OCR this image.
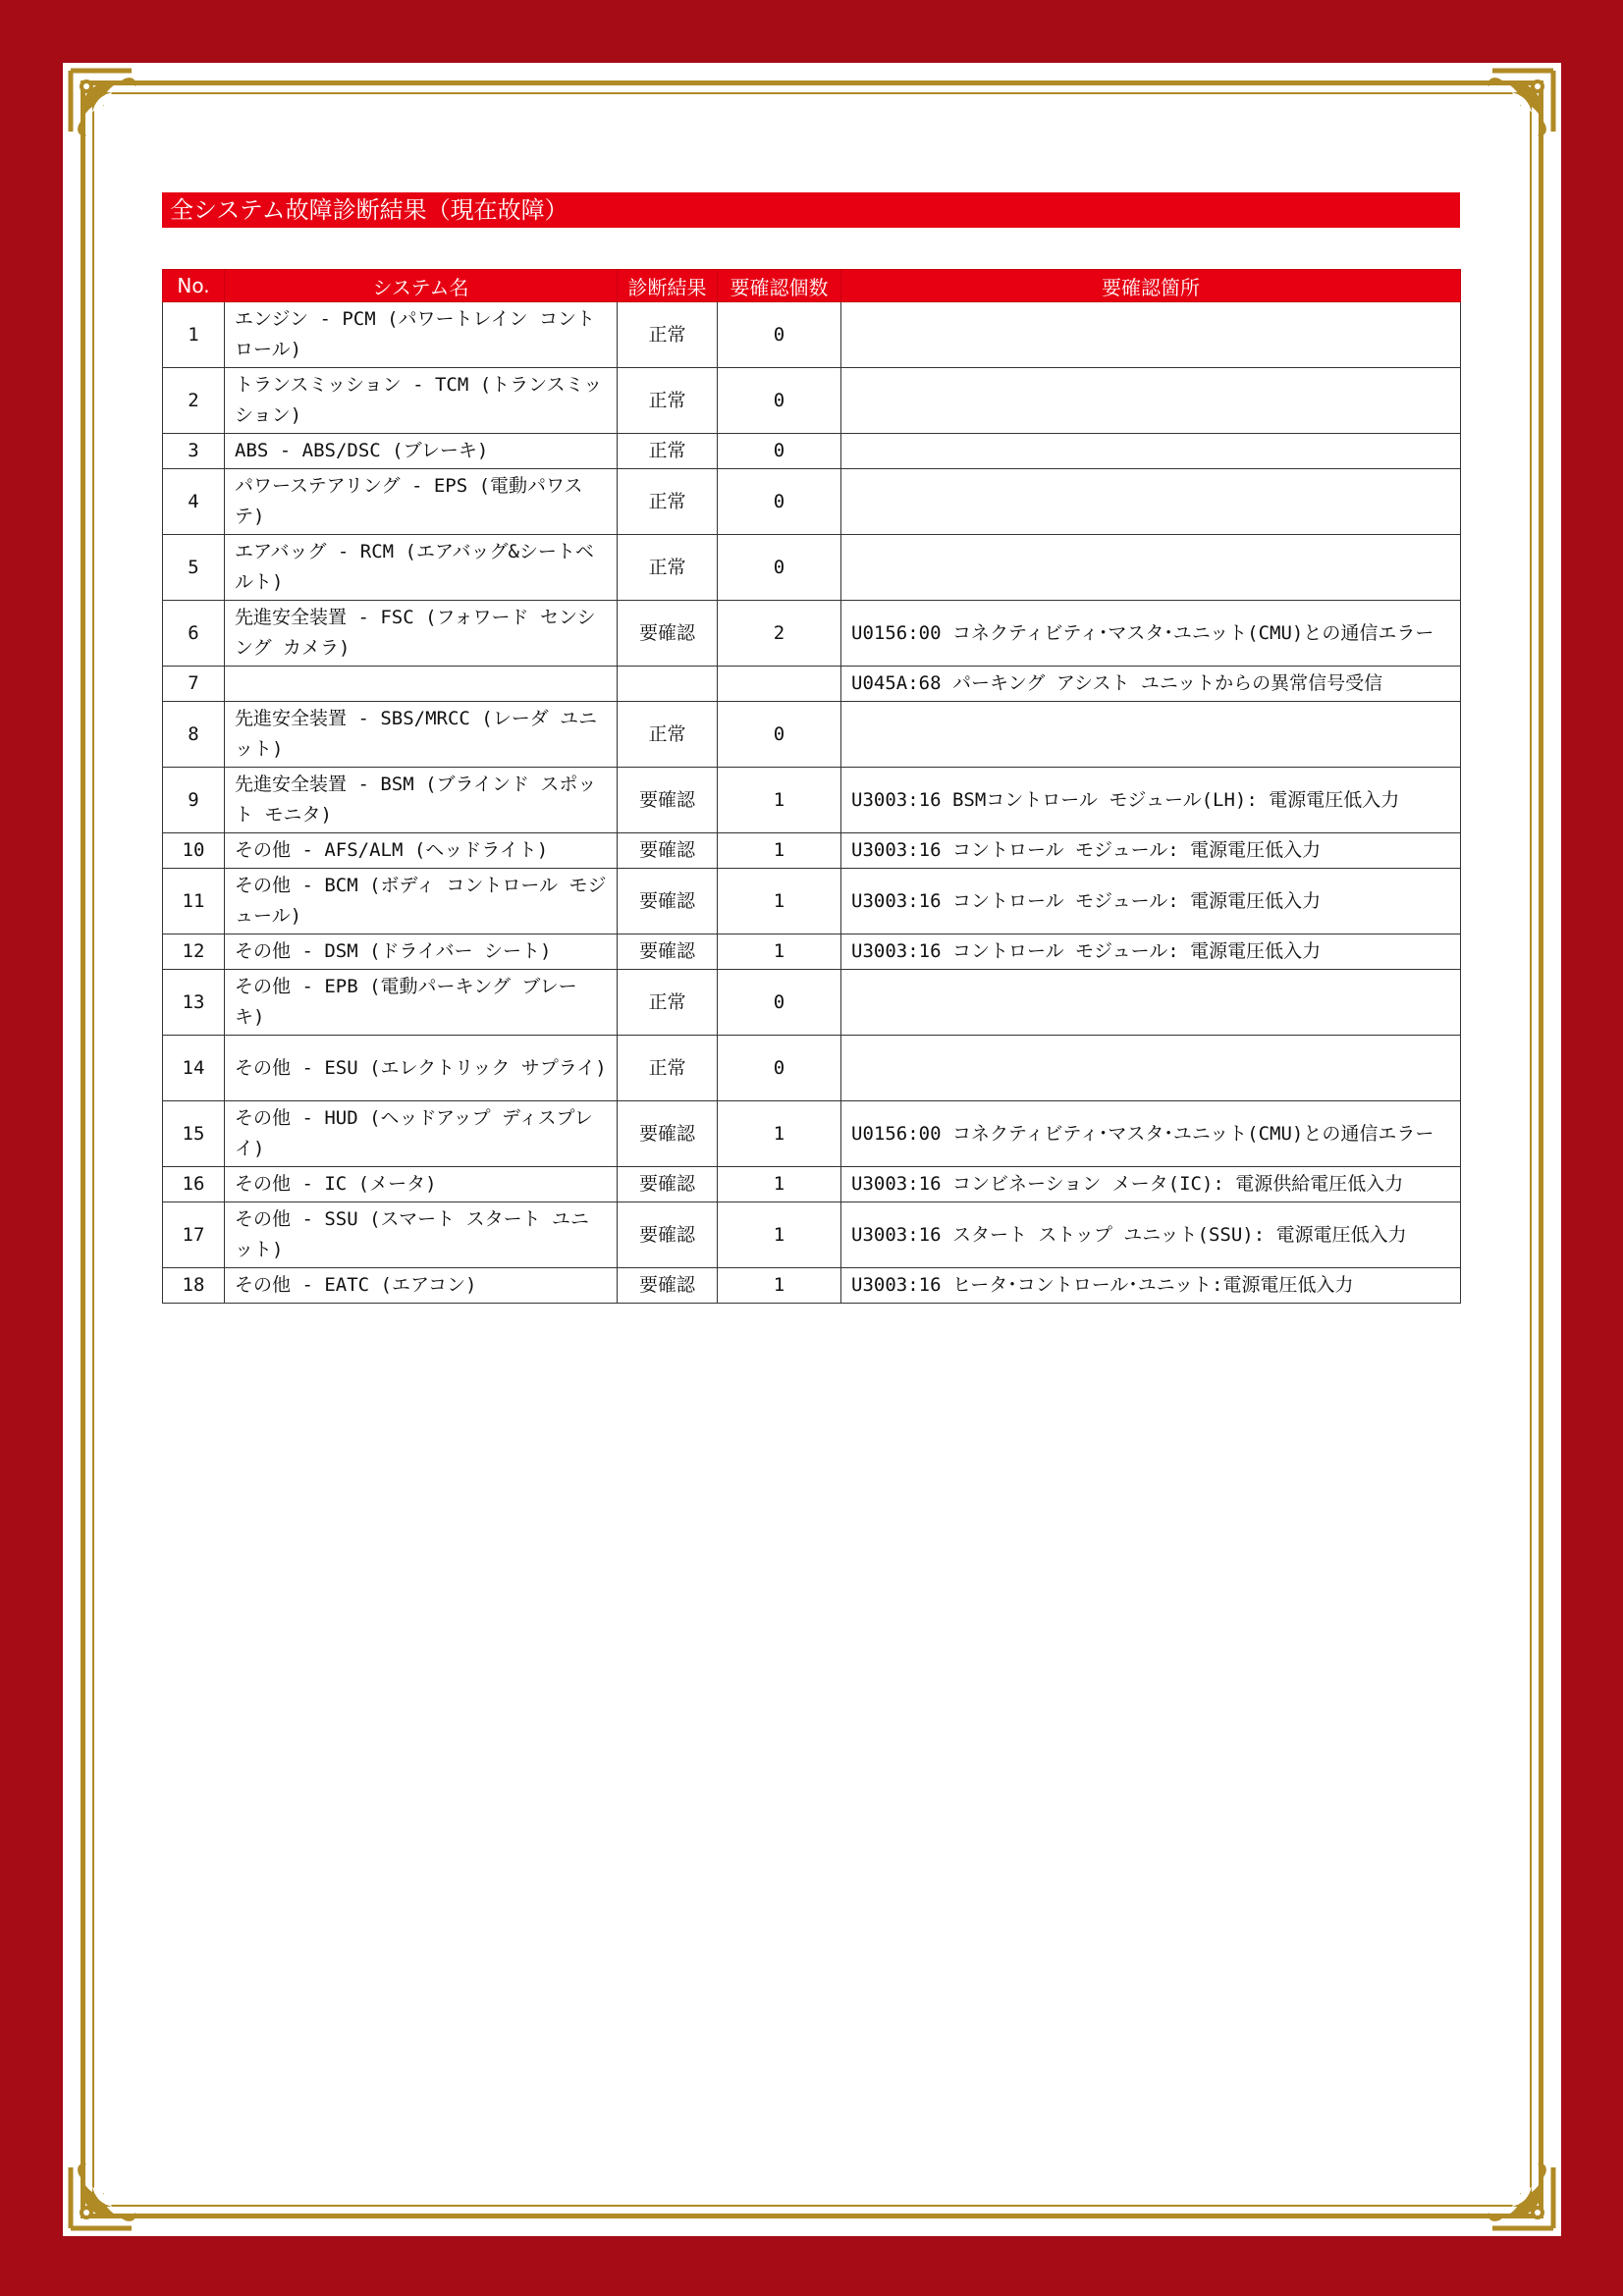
全システム故障診断結果（現在故障）
No.	システム名	診断結果	要確認個数	要確認箇所
1	エンジン - PCM (パワートレイン コントロール)	正常	0	
2	トランスミッション - TCM (トランスミッション)	正常	0	
3	ABS - ABS/DSC (ブレーキ)	正常	0	
4	パワーステアリング - EPS (電動パワステ)	正常	0	
5	エアバッグ - RCM (エアバッグ&シートベルト)	正常	0	
6	先進安全装置 - FSC (フォワード センシング カメラ)	要確認	2	U0156:00 コネクティビティ･マスタ･ユニット(CMU)との通信エラー
7				U045A:68 パーキング アシスト ユニットからの異常信号受信
8	先進安全装置 - SBS/MRCC (レーダ ユニット)	正常	0	
9	先進安全装置 - BSM (ブラインド スポット モニタ)	要確認	1	U3003:16 BSMコントロール モジュール(LH): 電源電圧低入力
10	その他 - AFS/ALM (ヘッドライト)	要確認	1	U3003:16 コントロール モジュール: 電源電圧低入力
11	その他 - BCM (ボディ コントロール モジュール)	要確認	1	U3003:16 コントロール モジュール: 電源電圧低入力
12	その他 - DSM (ドライバー シート)	要確認	1	U3003:16 コントロール モジュール: 電源電圧低入力
13	その他 - EPB (電動パーキング ブレーキ)	正常	0	
14	その他 - ESU (エレクトリック サプライ)	正常	0	
15	その他 - HUD (ヘッドアップ ディスプレイ)	要確認	1	U0156:00 コネクティビティ･マスタ･ユニット(CMU)との通信エラー
16	その他 - IC (メータ)	要確認	1	U3003:16 コンビネーション メータ(IC): 電源供給電圧低入力
17	その他 - SSU (スマート スタート ユニット)	要確認	1	U3003:16 スタート ストップ ユニット(SSU): 電源電圧低入力
18	その他 - EATC (エアコン)	要確認	1	U3003:16 ヒータ･コントロール･ユニット:電源電圧低入力
